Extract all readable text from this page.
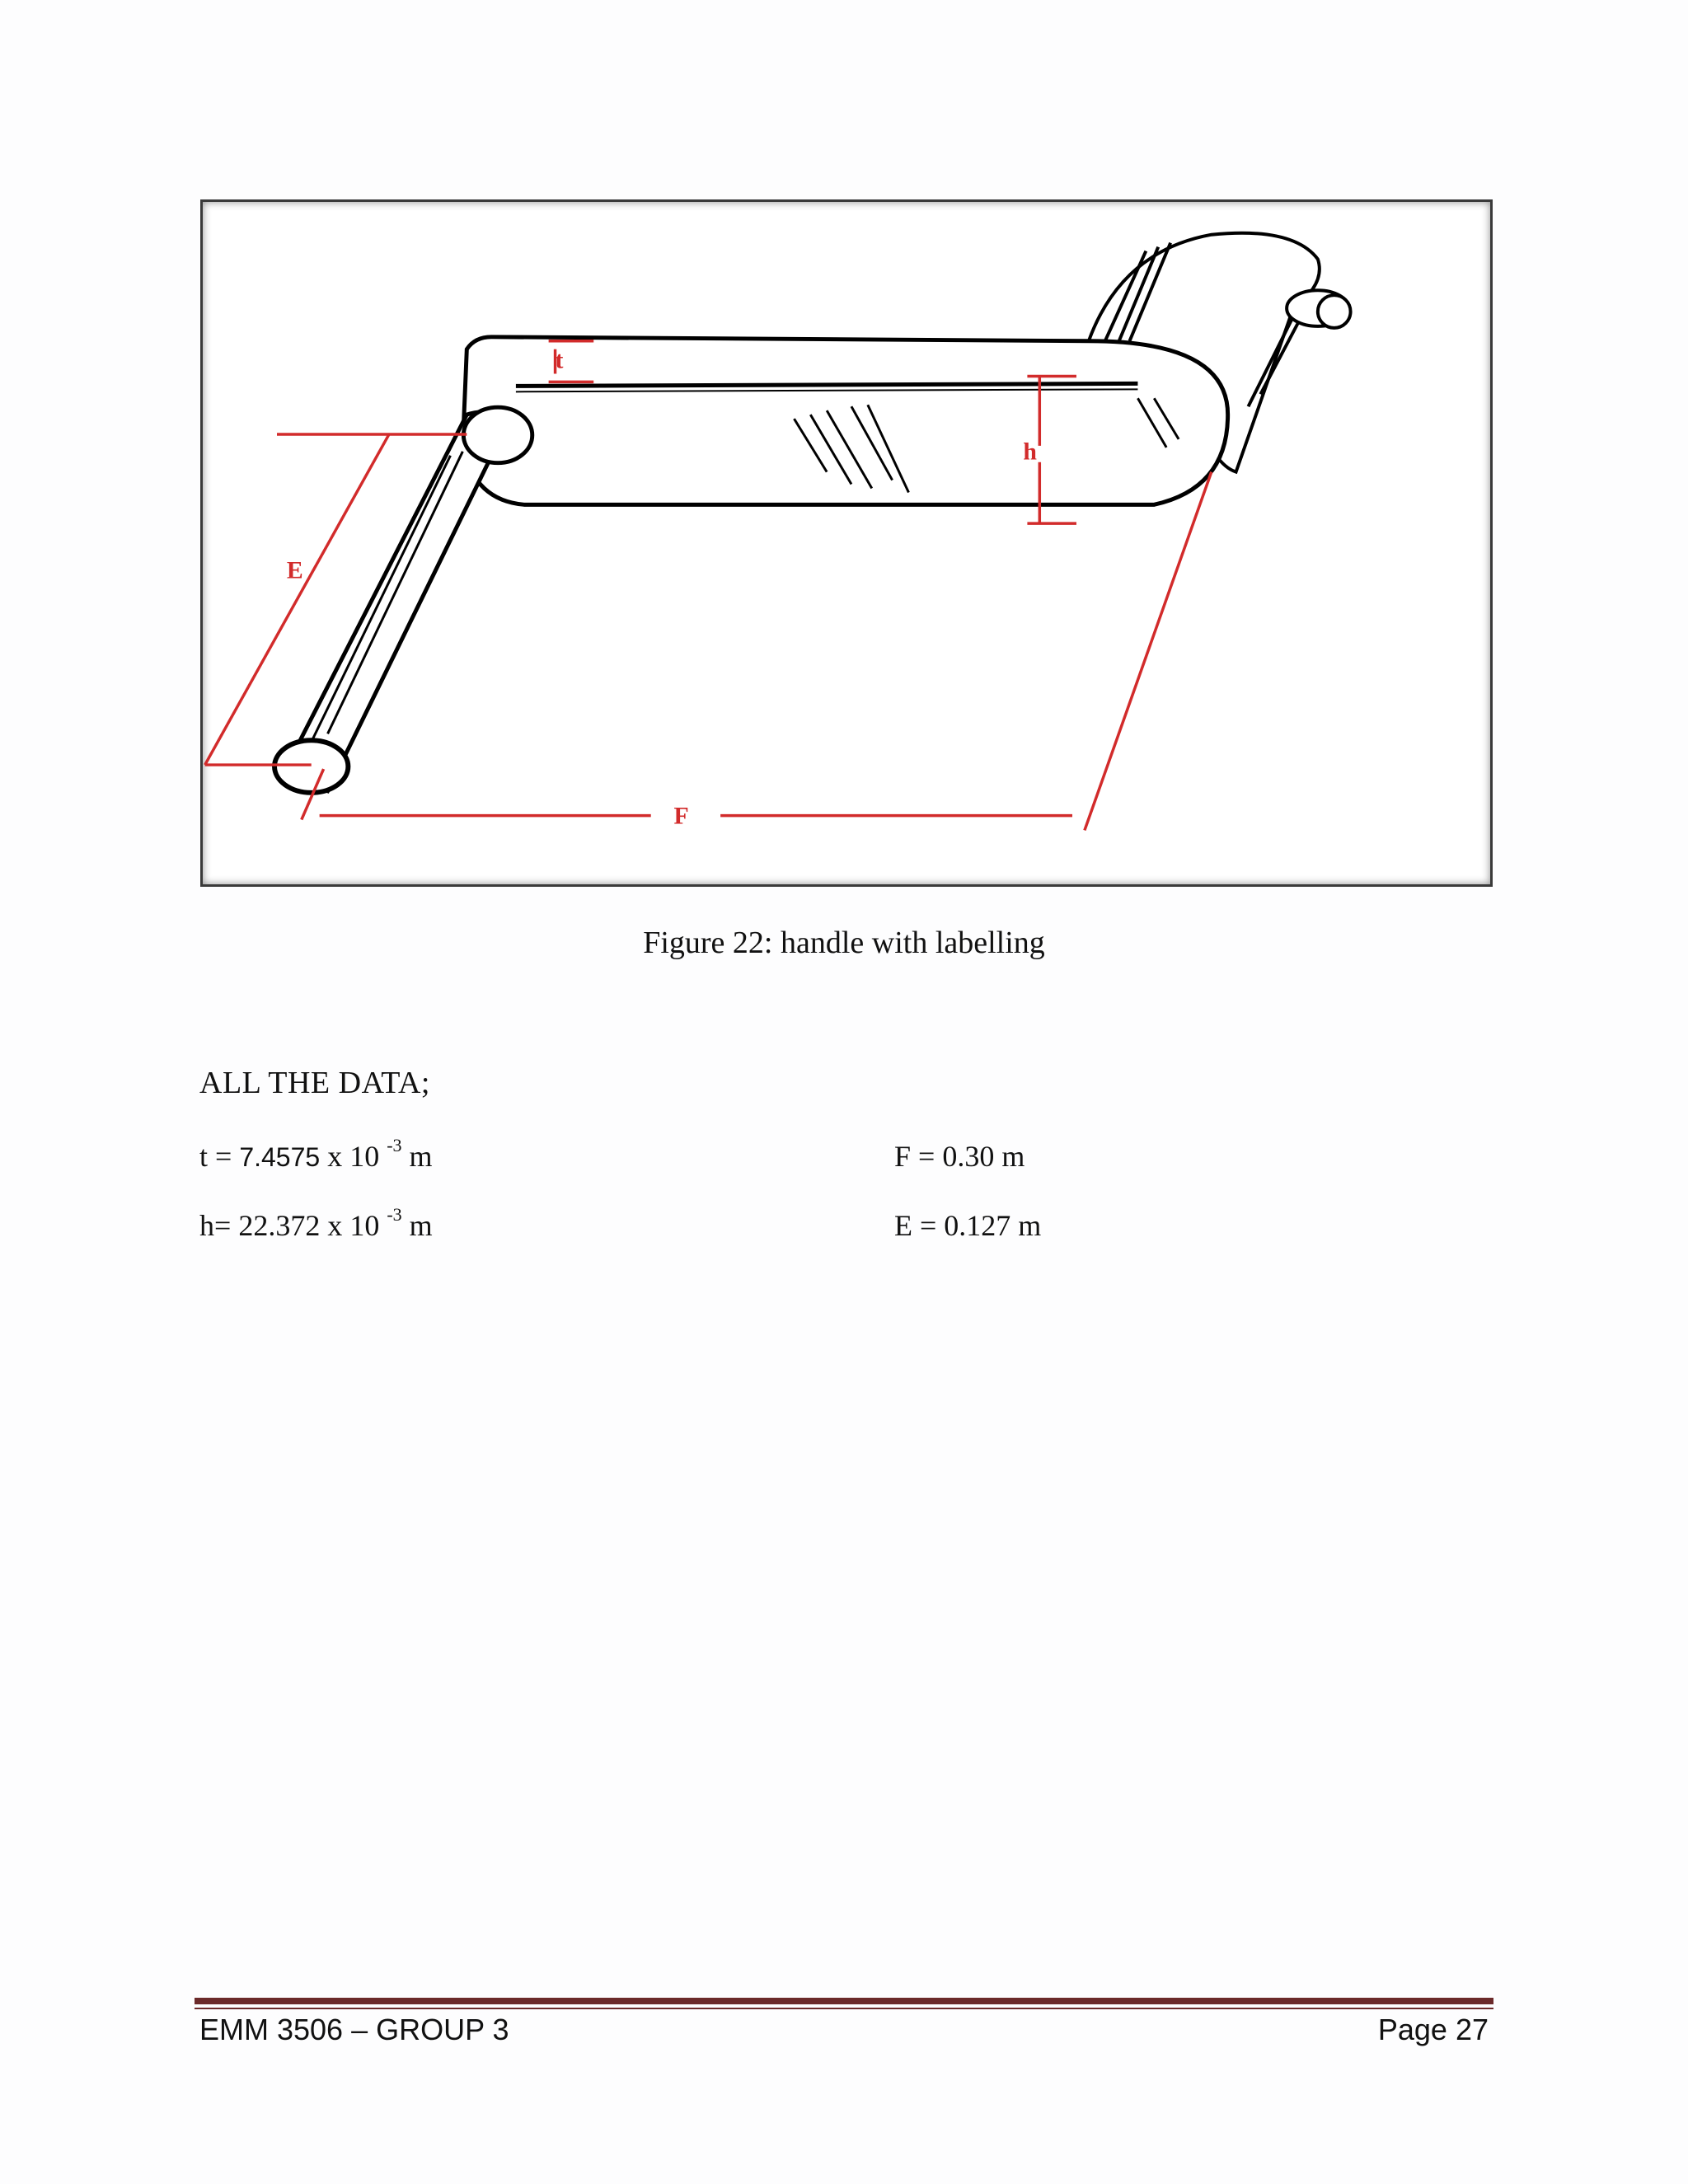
E
F
h
t
Figure 22: handle with labelling
ALL THE DATA;
t = 7.4575 x 10 $^{-3}$ m
h= 22.372 x 10 $^{-3}$ m
F = 0.30 m
E = 0.127 m
EMM 3506 – GROUP 3	Page 27
